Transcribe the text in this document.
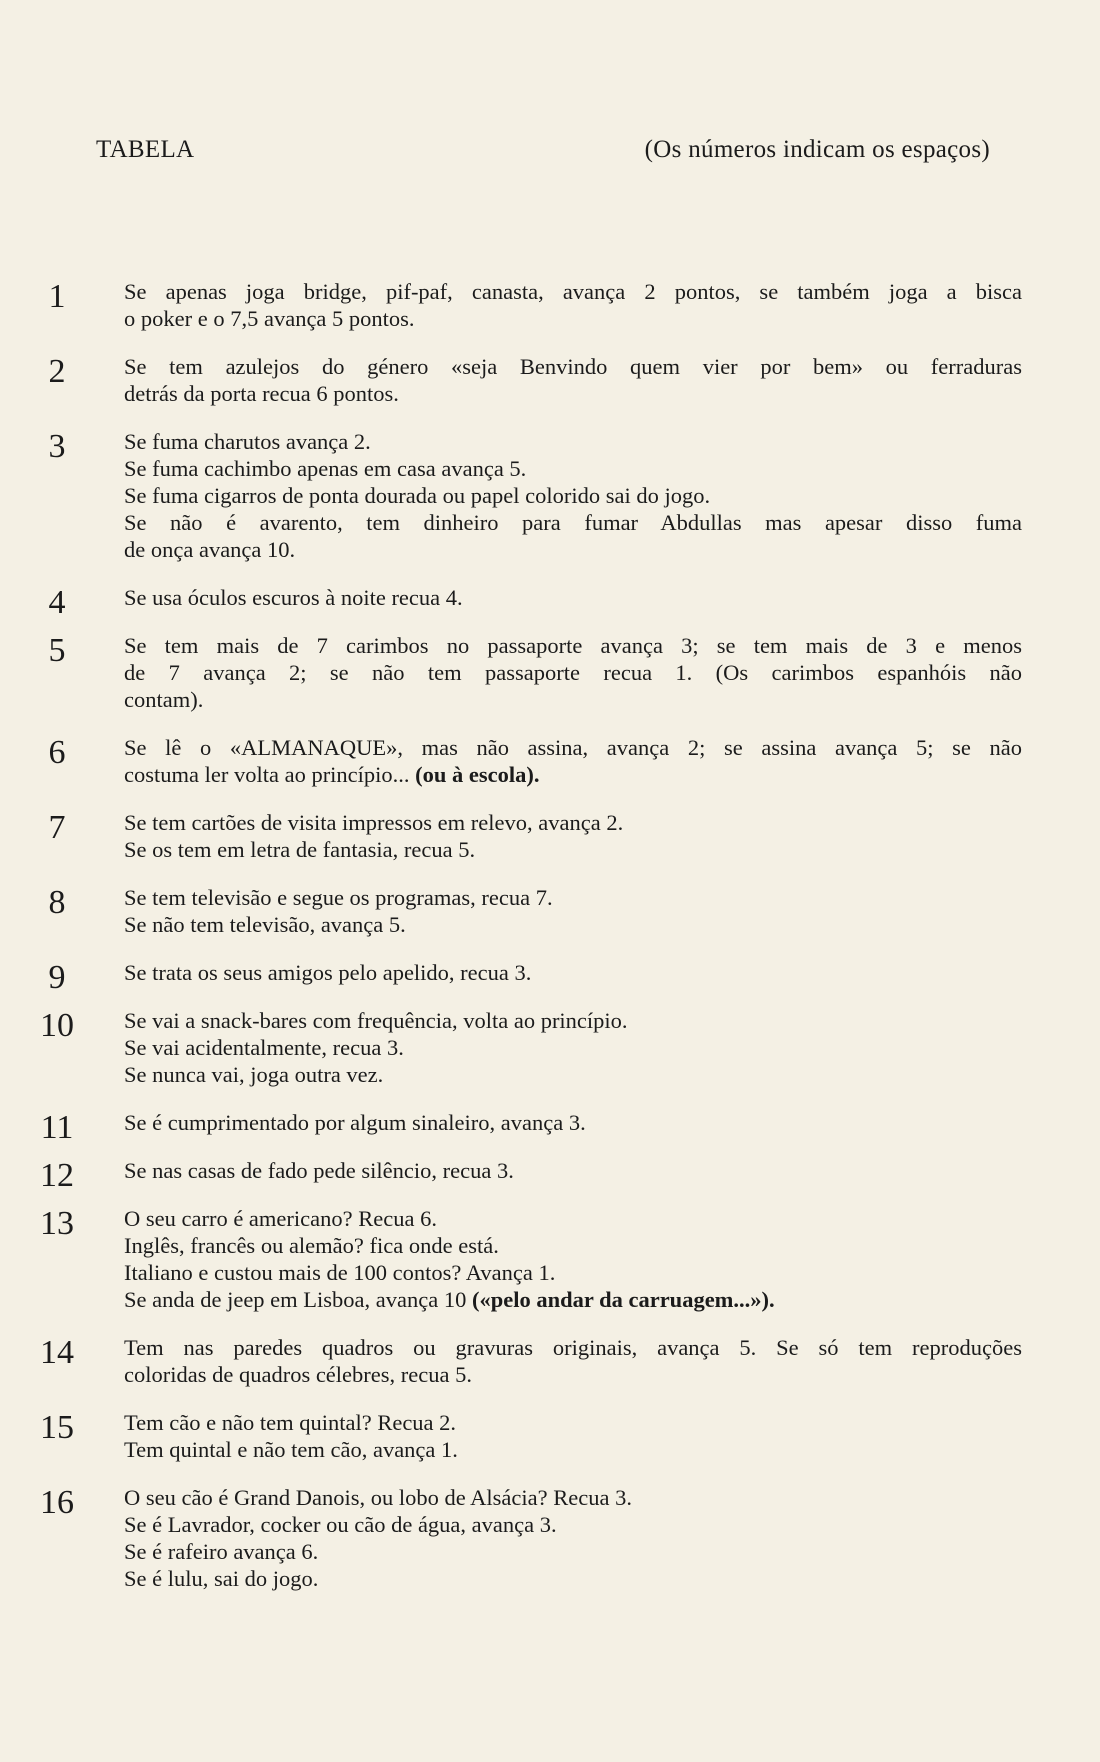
TABELA	(Os números indicam os espaços)
1	Se apenas joga bridge, pif-paf, canasta, avança 2 pontos, se também joga a bisca
o poker e o 7,5 avança 5 pontos.
2	Se tem azulejos do género «seja Benvindo quem vier por bem» ou ferraduras
detrás da porta recua 6 pontos.
3	Se fuma charutos avança 2.
Se fuma cachimbo apenas em casa avança 5.
Se fuma cigarros de ponta dourada ou papel colorido sai do jogo.
Se não é avarento, tem dinheiro para fumar Abdullas mas apesar disso fuma
de onça avança 10.
4	Se usa óculos escuros à noite recua 4.
5	Se tem mais de 7 carimbos no passaporte avança 3; se tem mais de 3 e menos
de 7 avança 2; se não tem passaporte recua 1. (Os carimbos espanhóis não
contam).
6	Se lê o «ALMANAQUE», mas não assina, avança 2; se assina avança 5; se não
costuma ler volta ao princípio... (ou à escola).
7	Se tem cartões de visita impressos em relevo, avança 2.
Se os tem em letra de fantasia, recua 5.
8	Se tem televisão e segue os programas, recua 7.
Se não tem televisão, avança 5.
9	Se trata os seus amigos pelo apelido, recua 3.
10	Se vai a snack-bares com frequência, volta ao princípio.
Se vai acidentalmente, recua 3.
Se nunca vai, joga outra vez.
11	Se é cumprimentado por algum sinaleiro, avança 3.
12	Se nas casas de fado pede silêncio, recua 3.
13	O seu carro é americano? Recua 6.
Inglês, francês ou alemão? fica onde está.
Italiano e custou mais de 100 contos? Avança 1.
Se anda de jeep em Lisboa, avança 10 («pelo andar da carruagem...»).
14	Tem nas paredes quadros ou gravuras originais, avança 5. Se só tem reproduções
coloridas de quadros célebres, recua 5.
15	Tem cão e não tem quintal? Recua 2.
Tem quintal e não tem cão, avança 1.
16	O seu cão é Grand Danois, ou lobo de Alsácia? Recua 3.
Se é Lavrador, cocker ou cão de água, avança 3.
Se é rafeiro avança 6.
Se é lulu, sai do jogo.
